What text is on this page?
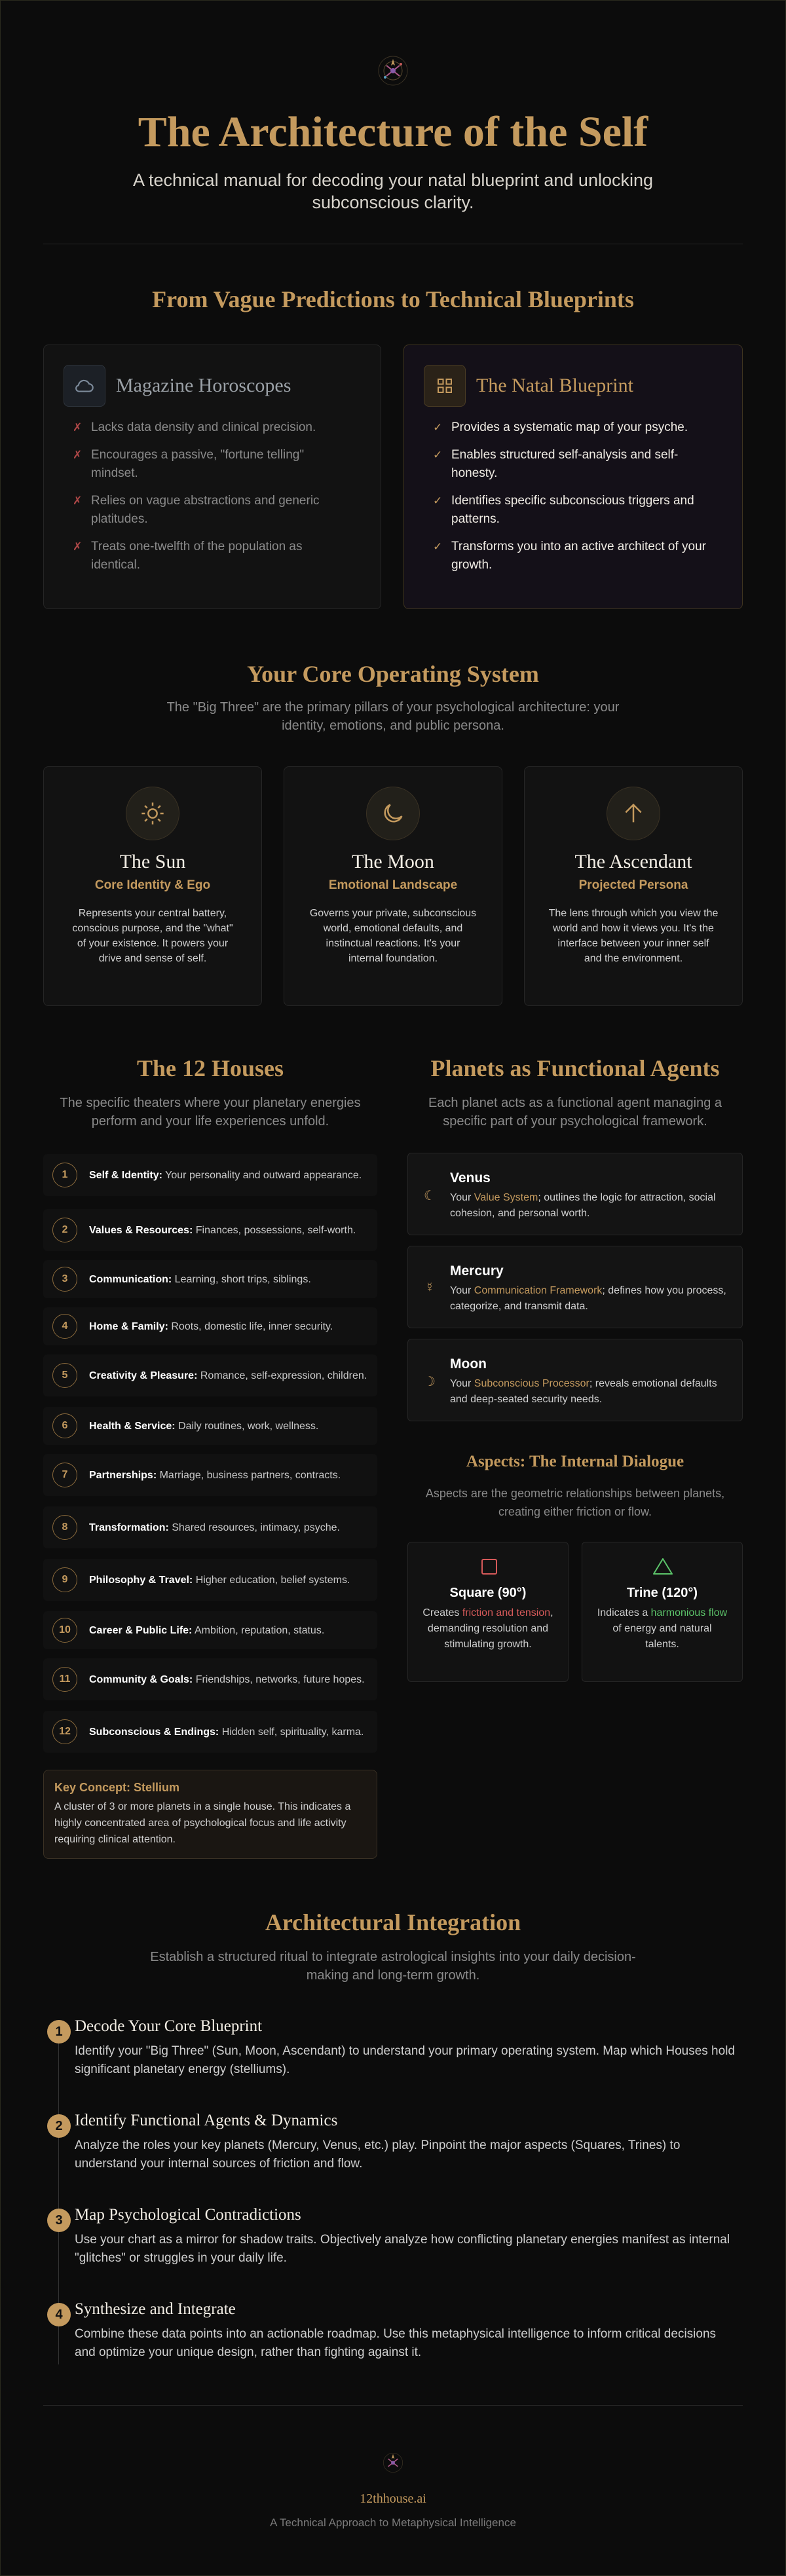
The Architecture of the Self

A technical manual for decoding your natal blueprint and unlocking subconscious clarity.

From Vague Predictions to Technical Blueprints
Magazine Horoscopes
✗ Lacks data density and clinical precision.
✗ Encourages a passive, "fortune telling" mindset.
✗ Relies on vague abstractions and generic platitudes.
✗ Treats one-twelfth of the population as identical.
The Natal Blueprint
✓ Provides a systematic map of your psyche.
✓ Enables structured self-analysis and self-honesty.
✓ Identifies specific subconscious triggers and patterns.
✓ Transforms you into an active architect of your growth.
Your Core Operating System

The "Big Three" are the primary pillars of your psychological architecture: your identity, emotions, and public persona.

The Sun
Core Identity & Ego
Represents your central battery, conscious purpose, and the "what" of your existence. It powers your drive and sense of self.
The Moon
Emotional Landscape
Governs your private, subconscious world, emotional defaults, and instinctual reactions. It's your internal foundation.
The Ascendant
Projected Persona
The lens through which you view the world and how it views you. It's the interface between your inner self and the environment.
The 12 Houses

The specific theaters where your planetary energies perform and your life experiences unfold.

1	Self & Identity: Your personality and outward appearance.
2	Values & Resources: Finances, possessions, self-worth.
3	Communication: Learning, short trips, siblings.
4	Home & Family: Roots, domestic life, inner security.
5	Creativity & Pleasure: Romance, self-expression, children.
6	Health & Service: Daily routines, work, wellness.
7	Partnerships: Marriage, business partners, contracts.
8	Transformation: Shared resources, intimacy, psyche.
9	Philosophy & Travel: Higher education, belief systems.
10	Career & Public Life: Ambition, reputation, status.
11	Community & Goals: Friendships, networks, future hopes.
12	Subconscious & Endings: Hidden self, spirituality, karma.
Key Concept: Stellium
A cluster of 3 or more planets in a single house. This indicates a highly concentrated area of psychological focus and life activity requiring clinical attention.
Planets as Functional Agents

Each planet acts as a functional agent managing a specific part of your psychological framework.

☾
Venus
Your Value System; outlines the logic for attraction, social cohesion, and personal worth.
☿
Mercury
Your Communication Framework; defines how you process, categorize, and transmit data.
☽
Moon
Your Subconscious Processor; reveals emotional defaults and deep-seated security needs.
Aspects: The Internal Dialogue

Aspects are the geometric relationships between planets, creating either friction or flow.

Square (90°)
Creates friction and tension, demanding resolution and stimulating growth.
Trine (120°)
Indicates a harmonious flow of energy and natural talents.
Architectural Integration

Establish a structured ritual to integrate astrological insights into your daily decision-making and long-term growth.

1 Decode Your Core Blueprint
Identify your "Big Three" (Sun, Moon, Ascendant) to understand your primary operating system. Map which Houses hold significant planetary energy (stelliums).
2 Identify Functional Agents & Dynamics
Analyze the roles your key planets (Mercury, Venus, etc.) play. Pinpoint the major aspects (Squares, Trines) to understand your internal sources of friction and flow.
3 Map Psychological Contradictions
Use your chart as a mirror for shadow traits. Objectively analyze how conflicting planetary energies manifest as internal "glitches" or struggles in your daily life.
4 Synthesize and Integrate
Combine these data points into an actionable roadmap. Use this metaphysical intelligence to inform critical decisions and optimize your unique design, rather than fighting against it.
12thhouse.ai
A Technical Approach to Metaphysical Intelligence
